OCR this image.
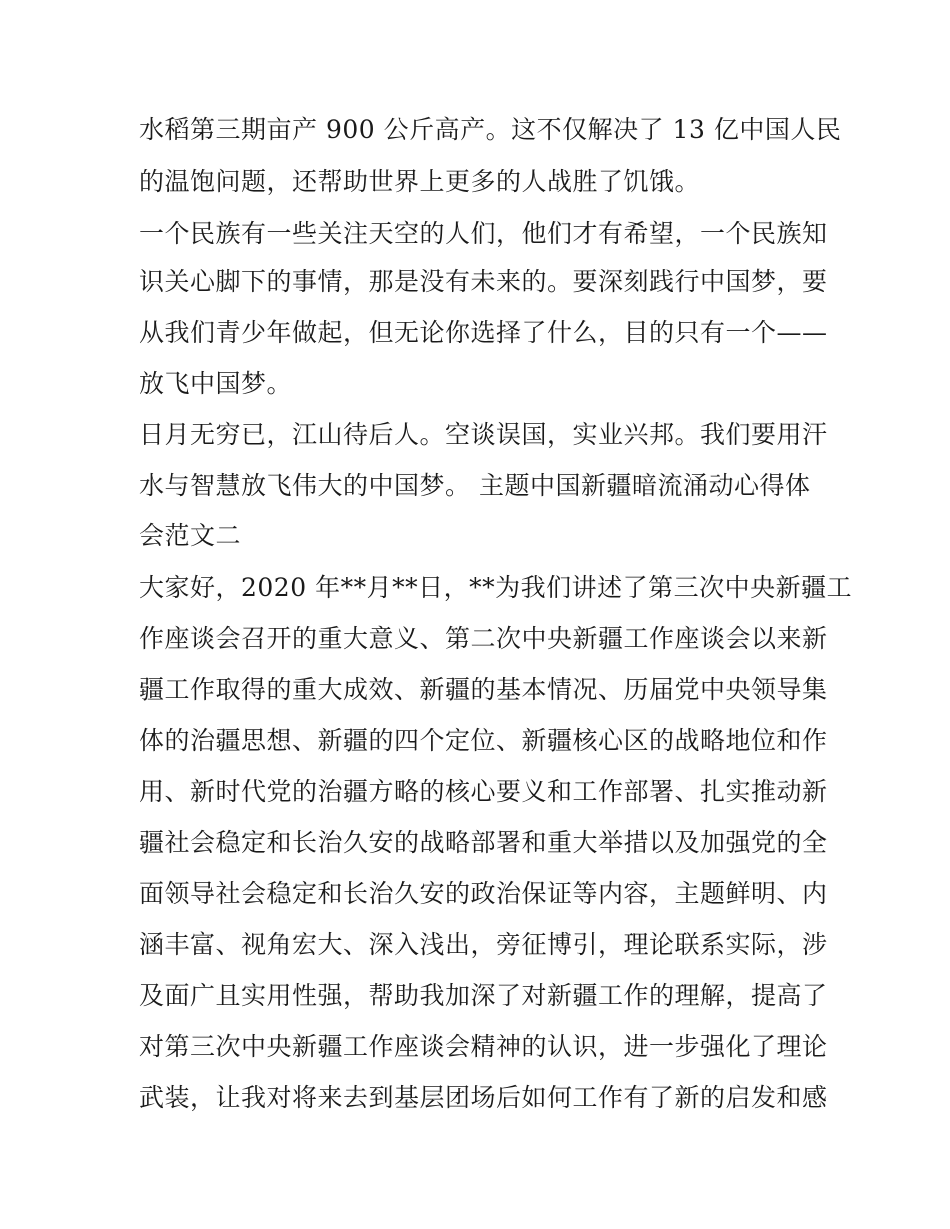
水稻第三期亩产 900 公斤高产。这不仅解决了 13 亿中国人民
的温饱问题，还帮助世界上更多的人战胜了饥饿。
一个民族有一些关注天空的人们，他们才有希望，一个民族知
识关心脚下的事情，那是没有未来的。要深刻践行中国梦，要
从我们青少年做起，但无论你选择了什么，目的只有一个——
放飞中国梦。
日月无穷已，江山待后人。空谈误国，实业兴邦。我们要用汗
水与智慧放飞伟大的中国梦。 主题中国新疆暗流涌动心得体
会范文二
大家好，2020 年**月**日，**为我们讲述了第三次中央新疆工
作座谈会召开的重大意义、第二次中央新疆工作座谈会以来新
疆工作取得的重大成效、新疆的基本情况、历届党中央领导集
体的治疆思想、新疆的四个定位、新疆核心区的战略地位和作
用、新时代党的治疆方略的核心要义和工作部署、扎实推动新
疆社会稳定和长治久安的战略部署和重大举措以及加强党的全
面领导社会稳定和长治久安的政治保证等内容，主题鲜明、内
涵丰富、视角宏大、深入浅出，旁征博引，理论联系实际，涉
及面广且实用性强，帮助我加深了对新疆工作的理解，提高了
对第三次中央新疆工作座谈会精神的认识，进一步强化了理论
武装，让我对将来去到基层团场后如何工作有了新的启发和感
